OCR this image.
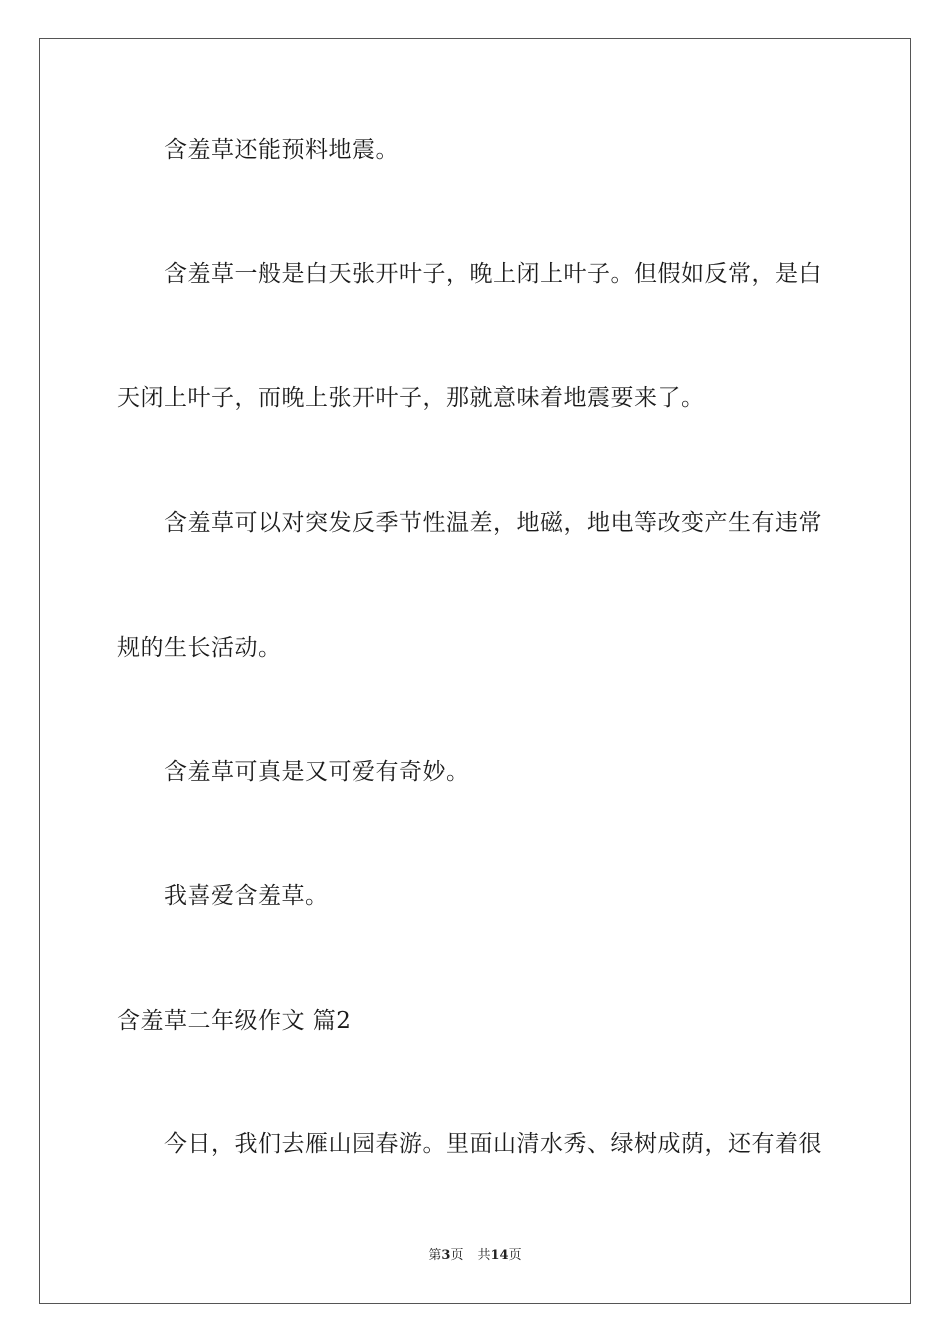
含羞草还能预料地震。
含羞草一般是白天张开叶子，晚上闭上叶子。但假如反常，是白
天闭上叶子，而晚上张开叶子，那就意味着地震要来了。
含羞草可以对突发反季节性温差，地磁，地电等改变产生有违常
规的生长活动。
含羞草可真是又可爱有奇妙。
我喜爱含羞草。
含羞草二年级作文 篇2
今日，我们去雁山园春游。里面山清水秀、绿树成荫，还有着很
第3页 共14页
